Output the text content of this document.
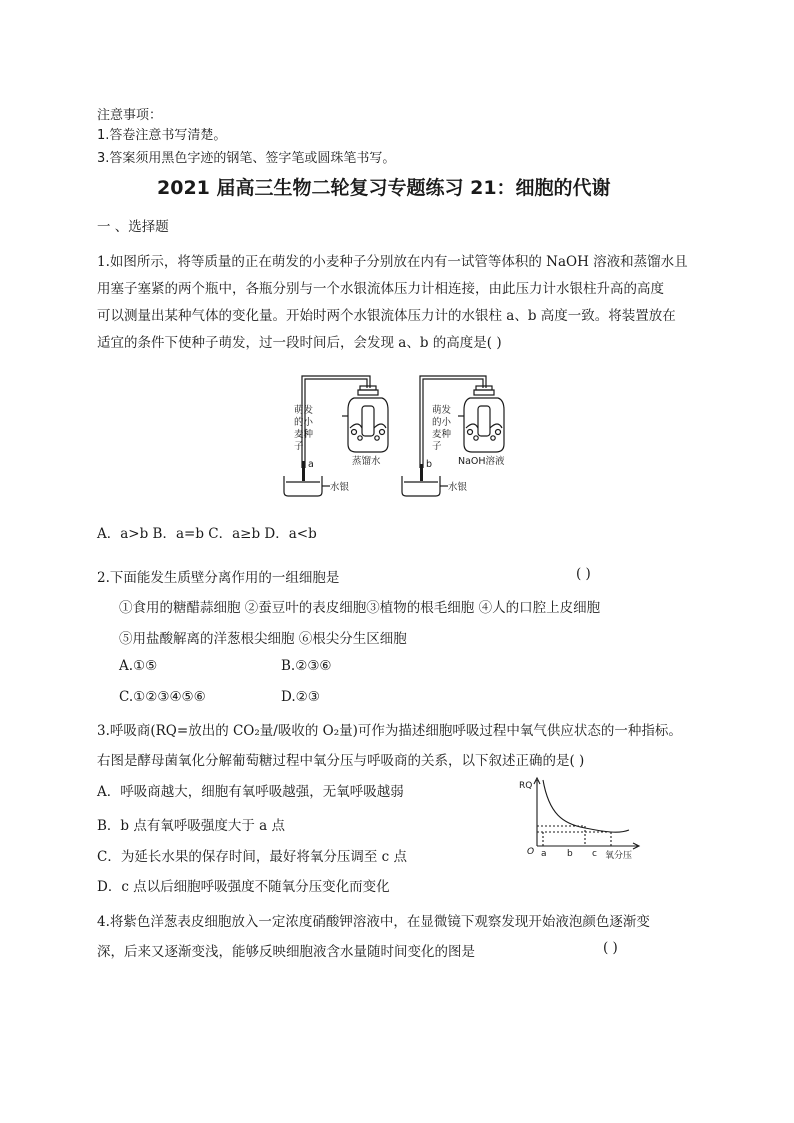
注意事项：
1.答卷注意书写清楚。
3.答案须用黑色字迹的钢笔、签字笔或圆珠笔书写。
2021 届高三生物二轮复习专题练习 21：细胞的代谢
一 、选择题
1.如图所示，将等质量的正在萌发的小麦种子分别放在内有一试管等体积的 NaOH 溶液和蒸馏水且
用塞子塞紧的两个瓶中，各瓶分别与一个水银流体压力计相连接，由此压力计水银柱升高的高度
可以测量出某种气体的变化量。开始时两个水银流体压力计的水银柱 a、b 高度一致。将装置放在
适宜的条件下使种子萌发，过一段时间后，会发现 a、b 的高度是( )
萌发
的小
麦种
子
a	蒸馏水
水银
萌发
的小
麦种
子
b	NaOH溶液
水银
A．a>b B．a=b C．a≥b D．a<b
2.下面能发生质壁分离作用的一组细胞是	( )
①食用的糖醋蒜细胞 ②蚕豆叶的表皮细胞③植物的根毛细胞 ④人的口腔上皮细胞
⑤用盐酸解离的洋葱根尖细胞 ⑥根尖分生区细胞
A.①⑤	B.②③⑥
C.①②③④⑤⑥	D.②③
3.呼吸商(RQ=放出的 CO₂量/吸收的 O₂量)可作为描述细胞呼吸过程中氧气供应状态的一种指标。
右图是酵母菌氧化分解葡萄糖过程中氧分压与呼吸商的关系，以下叙述正确的是( )
A．呼吸商越大，细胞有氧呼吸越强，无氧呼吸越弱
B．b 点有氧呼吸强度大于 a 点
C．为延长水果的保存时间，最好将氧分压调至 c 点
D．c 点以后细胞呼吸强度不随氧分压变化而变化
RQ
O a b c 氧分压
4.将紫色洋葱表皮细胞放入一定浓度硝酸钾溶液中，在显微镜下观察发现开始液泡颜色逐渐变
深，后来又逐渐变浅，能够反映细胞液含水量随时间变化的图是	( )
